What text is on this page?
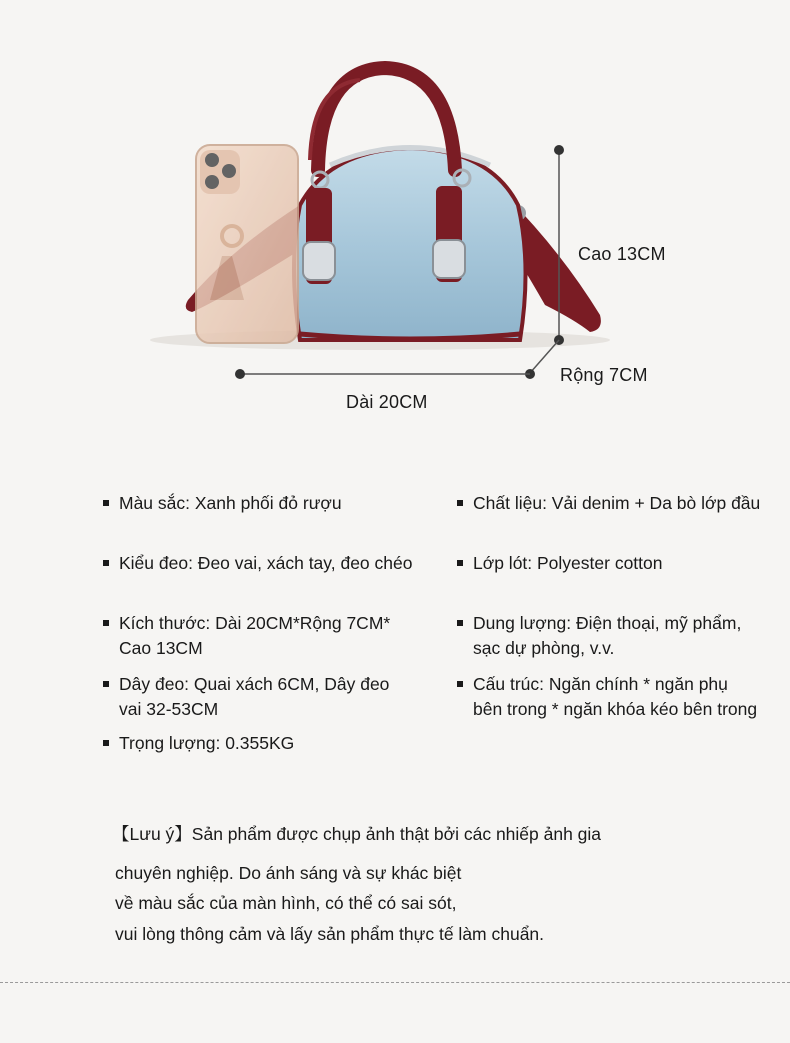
Cao 13CM
Rộng 7CM
Dài 20CM
Màu sắc: Xanh phối đỏ rượu	Chất liệu: Vải denim + Da bò lớp đầu
Kiểu đeo: Đeo vai, xách tay, đeo chéo	Lớp lót: Polyester cotton
Kích thước: Dài 20CM*Rộng 7CM*
Cao 13CM
Dung lượng: Điện thoại, mỹ phẩm,
sạc dự phòng, v.v.
Dây đeo: Quai xách 6CM, Dây đeo
vai 32-53CM
Cấu trúc: Ngăn chính * ngăn phụ
bên trong * ngăn khóa kéo bên trong
Trọng lượng: 0.355KG
【Lưu ý】Sản phẩm được chụp ảnh thật bởi các nhiếp ảnh gia
chuyên nghiệp. Do ánh sáng và sự khác biệt
về màu sắc của màn hình, có thể có sai sót,
vui lòng thông cảm và lấy sản phẩm thực tế làm chuẩn.
